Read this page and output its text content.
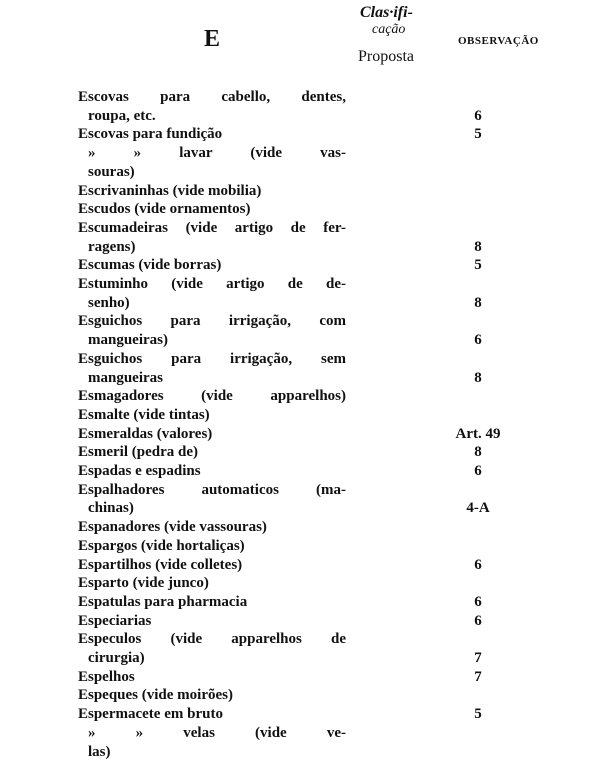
E
Clas·ifi-
cação
Proposta
OBSERVAÇÃO
Escovas para cabello, dentes,
roupa, etc.	6
Escovas para fundição	5
» » lavar (vide vas-
souras)
Escrivaninhas (vide mobilia)
Escudos (vide ornamentos)
Escumadeiras (vide artigo de fer-
ragens)	8
Escumas (vide borras)	5
Estuminho (vide artigo de de-
senho)	8
Esguichos para irrigação, com
mangueiras)	6
Esguichos para irrigação, sem
mangueiras	8
Esmagadores (vide apparelhos)
Esmalte (vide tintas)
Esmeraldas (valores)	Art. 49
Esmeril (pedra de)	8
Espadas e espadins	6
Espalhadores automaticos (ma-
chinas)	4-A
Espanadores (vide vassouras)
Espargos (vide hortaliças)
Espartilhos (vide colletes)	6
Esparto (vide junco)
Espatulas para pharmacia	6
Especiarias	6
Especulos (vide apparelhos de
cirurgia)	7
Espelhos	7
Espeques (vide moirões)
Espermacete em bruto	5
» » velas (vide ve-
las)
